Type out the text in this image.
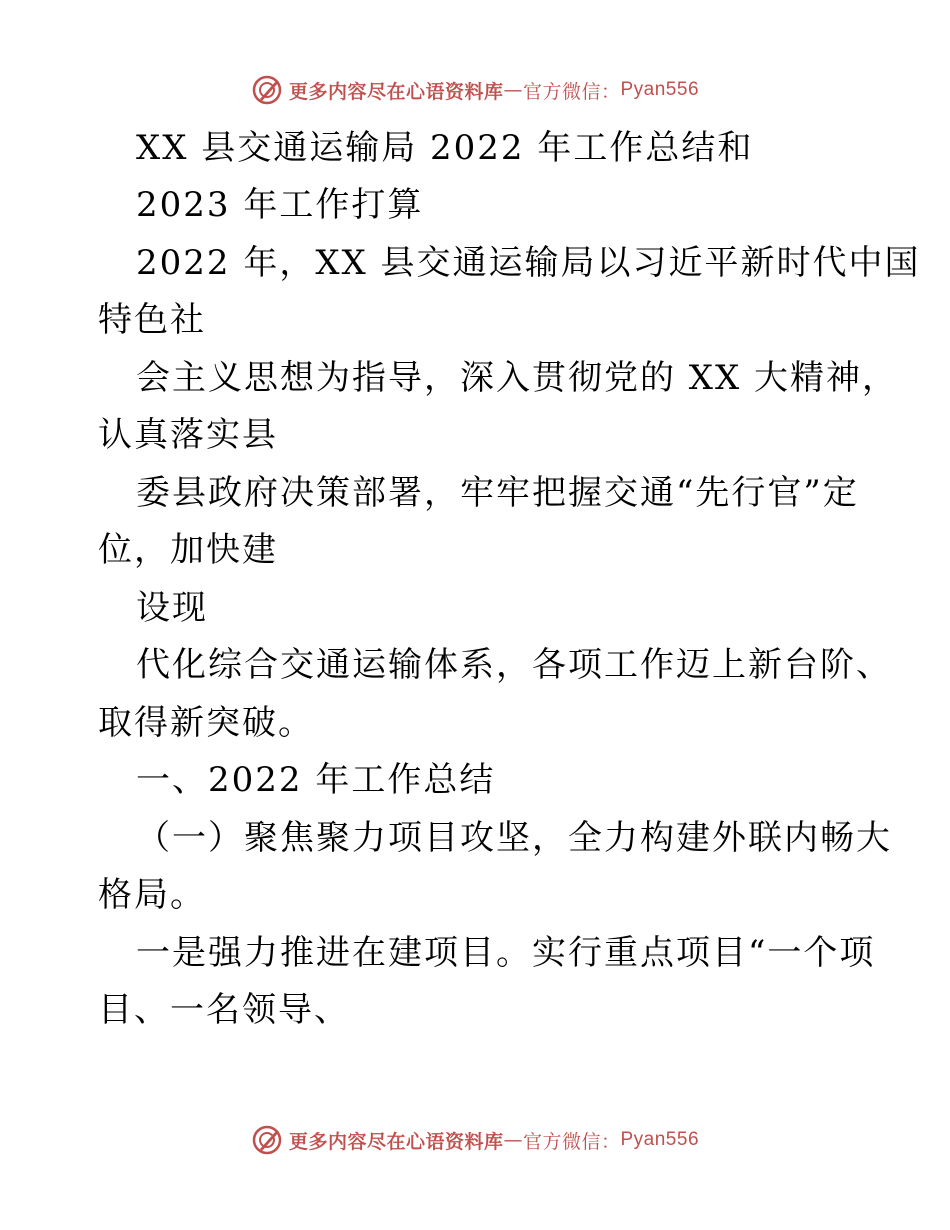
更多内容尽在心语资料库 — 官方微信： Pyan556
XX 县交通运输局 2022 年工作总结和
2023 年工作打算
2022 年，XX 县交通运输局以习近平新时代中国
特色社
会主义思想为指导，深入贯彻党的 XX 大精神，
认真落实县
委县政府决策部署，牢牢把握交通“先行官”定
位，加快建
设现
代化综合交通运输体系，各项工作迈上新台阶、
取得新突破。
一、2022 年工作总结
（一）聚焦聚力项目攻坚，全力构建外联内畅大
格局。
一是强力推进在建项目。实行重点项目“一个项
目、一名领导、
更多内容尽在心语资料库 — 官方微信： Pyan556
